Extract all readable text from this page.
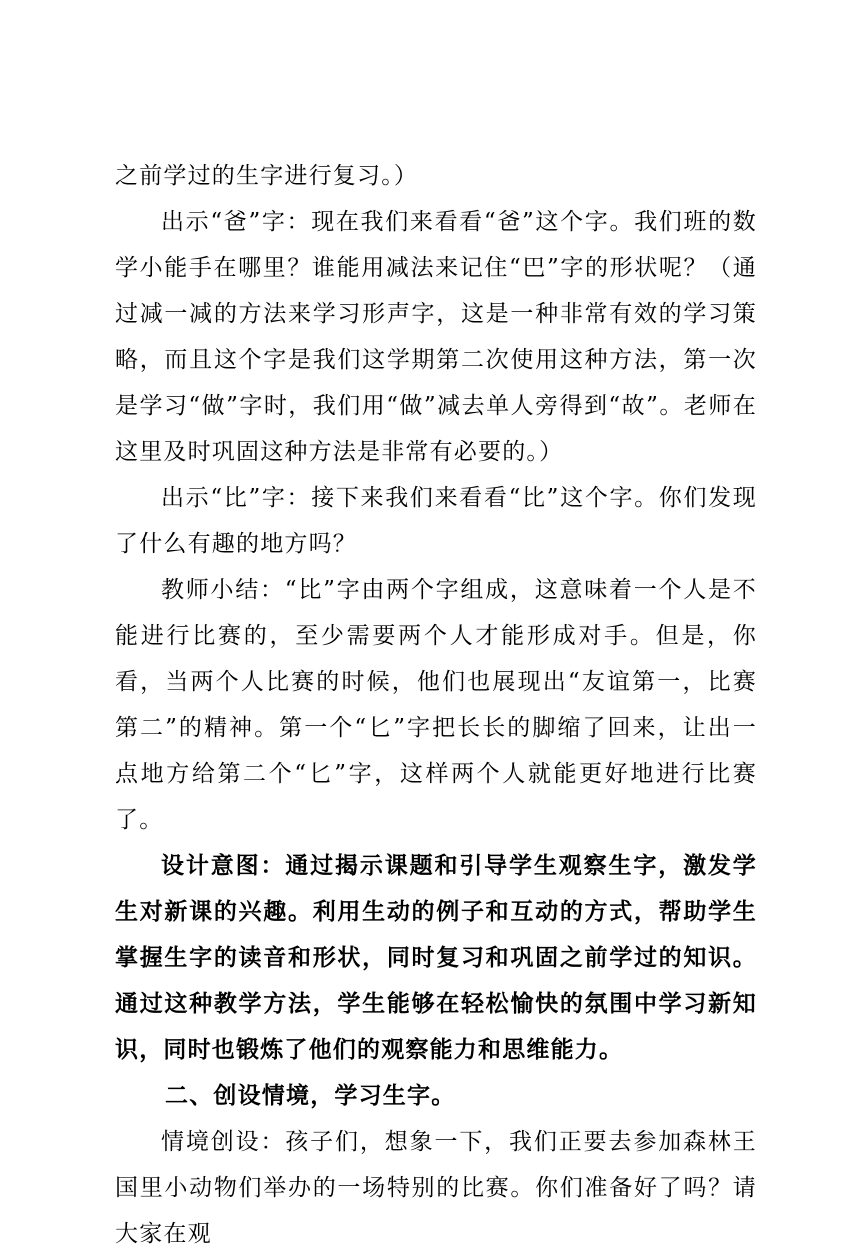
之前学过的生字进行复习。）

出示“爸”字：现在我们来看看“爸”这个字。我们班的数学小能手在哪里？谁能用减法来记住“巴”字的形状呢？（通过减一减的方法来学习形声字，这是一种非常有效的学习策略，而且这个字是我们这学期第二次使用这种方法，第一次是学习“做”字时，我们用“做”减去单人旁得到“故”。老师在这里及时巩固这种方法是非常有必要的。）

出示“比”字：接下来我们来看看“比”这个字。你们发现了什么有趣的地方吗？

教师小结：“比”字由两个字组成，这意味着一个人是不能进行比赛的，至少需要两个人才能形成对手。但是，你看，当两个人比赛的时候，他们也展现出“友谊第一，比赛第二”的精神。第一个“匕”字把长长的脚缩了回来，让出一点地方给第二个“匕”字，这样两个人就能更好地进行比赛了。

设计意图：通过揭示课题和引导学生观察生字，激发学生对新课的兴趣。利用生动的例子和互动的方式，帮助学生掌握生字的读音和形状，同时复习和巩固之前学过的知识。通过这种教学方法，学生能够在轻松愉快的氛围中学习新知识，同时也锻炼了他们的观察能力和思维能力。

二、创设情境，学习生字。

情境创设：孩子们，想象一下，我们正要去参加森林王国里小动物们举办的一场特别的比赛。你们准备好了吗？请大家在观
